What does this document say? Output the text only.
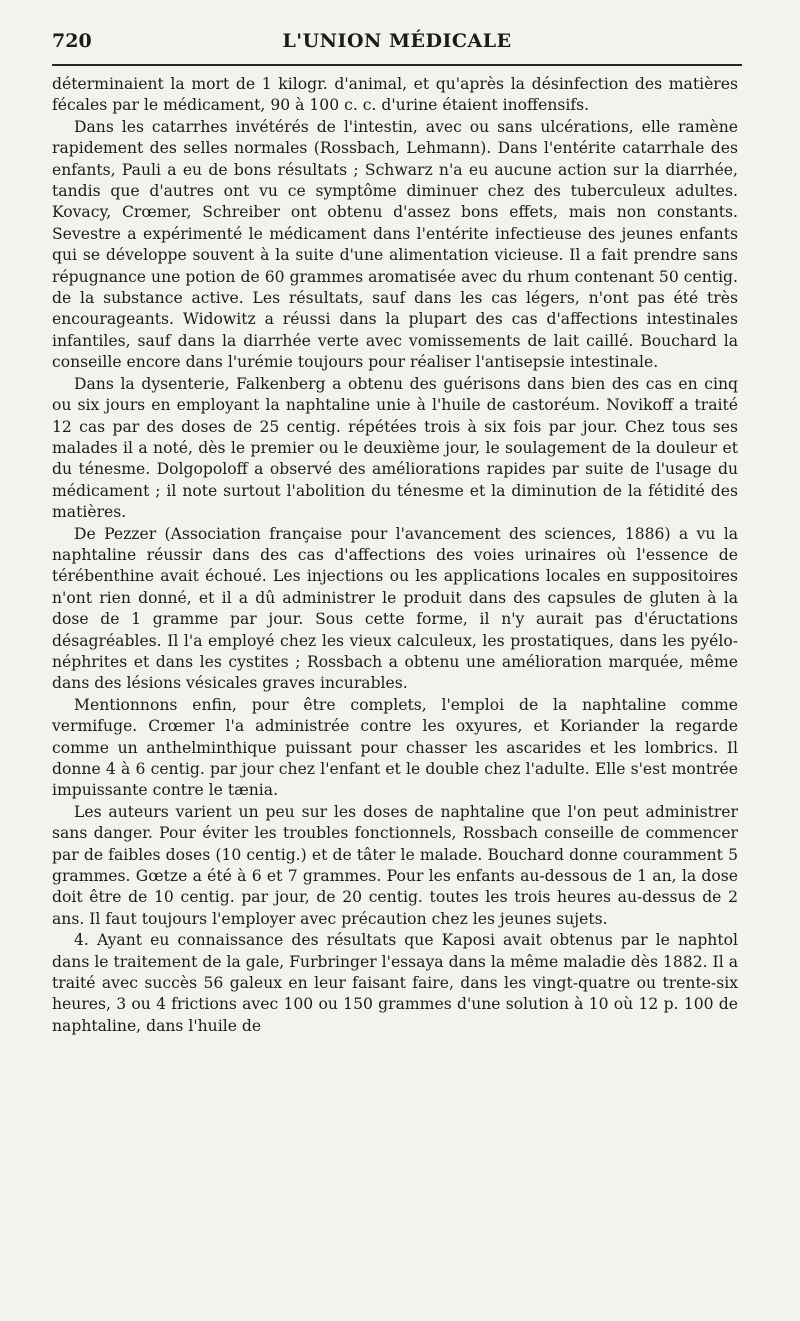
720	L'UNION MÉDICALE

déterminaient la mort de 1 kilogr. d'animal, et qu'après la désinfection des matières fécales par le médicament, 90 à 100 c. c. d'urine étaient inoffensifs.

Dans les catarrhes invétérés de l'intestin, avec ou sans ulcérations, elle ramène rapidement des selles normales (Rossbach, Lehmann). Dans l'entérite catarrhale des enfants, Pauli a eu de bons résultats ; Schwarz n'a eu aucune action sur la diarrhée, tandis que d'autres ont vu ce symptôme diminuer chez des tuberculeux adultes. Kovacy, Crœmer, Schreiber ont obtenu d'assez bons effets, mais non constants. Sevestre a expérimenté le médicament dans l'entérite infectieuse des jeunes enfants qui se développe souvent à la suite d'une alimentation vicieuse. Il a fait prendre sans répugnance une potion de 60 grammes aromatisée avec du rhum contenant 50 centig. de la substance active. Les résultats, sauf dans les cas légers, n'ont pas été très encourageants. Widowitz a réussi dans la plupart des cas d'affections intestinales infantiles, sauf dans la diarrhée verte avec vomissements de lait caillé. Bouchard la conseille encore dans l'urémie toujours pour réaliser l'antisepsie intestinale.

Dans la dysenterie, Falkenberg a obtenu des guérisons dans bien des cas en cinq ou six jours en employant la naphtaline unie à l'huile de castoréum. Novikoff a traité 12 cas par des doses de 25 centig. répétées trois à six fois par jour. Chez tous ses malades il a noté, dès le premier ou le deuxième jour, le soulagement de la douleur et du ténesme. Dolgopoloff a observé des améliorations rapides par suite de l'usage du médicament ; il note surtout l'abolition du ténesme et la diminution de la fétidité des matières.

De Pezzer (Association française pour l'avancement des sciences, 1886) a vu la naphtaline réussir dans des cas d'affections des voies urinaires où l'essence de térébenthine avait échoué. Les injections ou les applications locales en suppositoires n'ont rien donné, et il a dû administrer le produit dans des capsules de gluten à la dose de 1 gramme par jour. Sous cette forme, il n'y aurait pas d'éructations désagréables. Il l'a employé chez les vieux calculeux, les prostatiques, dans les pyélo-néphrites et dans les cystites ; Rossbach a obtenu une amélioration marquée, même dans des lésions vésicales graves incurables.

Mentionnons enfin, pour être complets, l'emploi de la naphtaline comme vermifuge. Crœmer l'a administrée contre les oxyures, et Koriander la regarde comme un anthelminthique puissant pour chasser les ascarides et les lombrics. Il donne 4 à 6 centig. par jour chez l'enfant et le double chez l'adulte. Elle s'est montrée impuissante contre le tænia.

Les auteurs varient un peu sur les doses de naphtaline que l'on peut administrer sans danger. Pour éviter les troubles fonctionnels, Rossbach conseille de commencer par de faibles doses (10 centig.) et de tâter le malade. Bouchard donne couramment 5 grammes. Gœtze a été à 6 et 7 grammes. Pour les enfants au-dessous de 1 an, la dose doit être de 10 centig. par jour, de 20 centig. toutes les trois heures au-dessus de 2 ans. Il faut toujours l'employer avec précaution chez les jeunes sujets.

4. Ayant eu connaissance des résultats que Kaposi avait obtenus par le naphtol dans le traitement de la gale, Furbringer l'essaya dans la même maladie dès 1882. Il a traité avec succès 56 galeux en leur faisant faire, dans les vingt-quatre ou trente-six heures, 3 ou 4 frictions avec 100 ou 150 grammes d'une solution à 10 où 12 p. 100 de naphtaline, dans l'huile de
